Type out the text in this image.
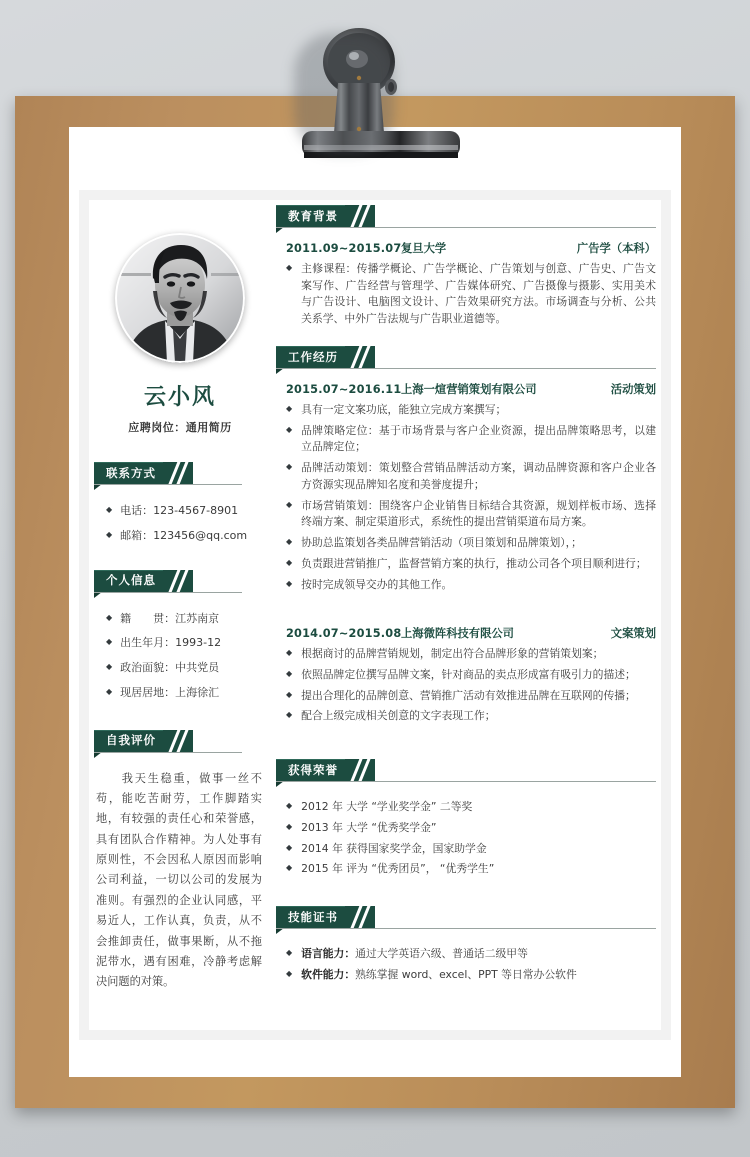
云小风
应聘岗位：通用简历
联系方式
◆ 电话： 123-4567-8901
◆ 邮箱： 123456@qq.com
个人信息
◆ 籍　　贯： 江苏南京
◆ 出生年月： 1993-12
◆ 政治面貌： 中共党员
◆ 现居居地： 上海徐汇
自我评价
　　我天生稳重，做事一丝不苟，能吃苦耐劳，工作脚踏实地，有较强的责任心和荣誉感，具有团队合作精神。为人处事有原则性，不会因私人原因而影响公司利益，一切以公司的发展为准则。有强烈的企业认同感，平易近人，工作认真，负责，从不会推卸责任，做事果断，从不拖泥带水，遇有困难，冷静考虑解决问题的对策。
教育背景
2011.09~2015.07 复旦大学	广告学（本科）
◆ 主修课程：传播学概论、广告学概论、广告策划与创意、广告史、广告文案写作、广告经营与管理学、广告媒体研究、广告摄像与摄影、实用美术与广告设计、电脑图文设计、广告效果研究方法。市场调查与分析、公共关系学、中外广告法规与广告职业道德等。
工作经历
2015.07~2016.11 上海一煊营销策划有限公司	活动策划
◆ 具有一定文案功底，能独立完成方案撰写；
◆ 品牌策略定位：基于市场背景与客户企业资源，提出品牌策略思考，以建立品牌定位；
◆ 品牌活动策划：策划整合营销品牌活动方案，调动品牌资源和客户企业各方资源实现品牌知名度和美誉度提升；
◆ 市场营销策划：围绕客户企业销售目标结合其资源，规划样板市场、选择终端方案、制定渠道形式，系统性的提出营销渠道布局方案。
◆ 协助总监策划各类品牌营销活动（项目策划和品牌策划），；
◆ 负责跟进营销推广，监督营销方案的执行，推动公司各个项目顺利进行；
◆ 按时完成领导交办的其他工作。
2014.07~2015.08 上海微阵科技有限公司	文案策划
◆ 根据商讨的品牌营销规划，制定出符合品牌形象的营销策划案；
◆ 依照品牌定位撰写品牌文案，针对商品的卖点形成富有吸引力的描述；
◆ 提出合理化的品牌创意、营销推广活动有效推进品牌在互联网的传播；
◆ 配合上级完成相关创意的文字表现工作；
获得荣誉
◆ 2012 年 大学 “学业奖学金” 二等奖
◆ 2013 年 大学 “优秀奖学金”
◆ 2014 年 获得国家奖学金，国家助学金
◆ 2015 年 评为 “优秀团员”， “优秀学生”
技能证书
◆ 语言能力：通过大学英语六级、普通话二级甲等
◆ 软件能力：熟练掌握 word、excel、PPT 等日常办公软件
